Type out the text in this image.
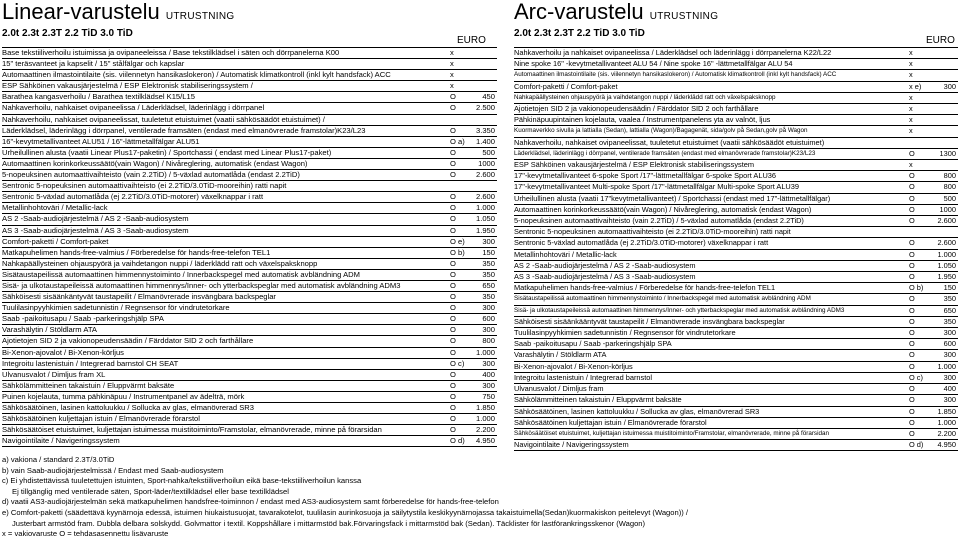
Linear-varustelu UTRUSTNING
2.0t 2.3t 2.3T 2.2 TiD 3.0 TiD
EURO
Base tekstiiliverhoilu istuimissa ja ovipaneeleissa / Base tekstilklädsel i säten och dörrpanelerna K00	x
15" teräsvanteet ja kapselit / 15" stålfälgar och kapslar	x
Automaattinen ilmastointilaite (sis. viilennetyn hansikaslokeron) / Automatisk klimatkontroll (inkl kylt handsfack) ACC	x
ESP Sähköinen vakausjärjestelmä / ESP Elektronisk stabiliseringssystem /	x
Barathea kangasverhoilu / Barathea textilklädsel K15/L15	O	450
Nahkaverhoilu, nahkaiset ovipaneelissa / Läderklädsel, läderinlägg i dörrpanel	O	2.500
Nahkaverhoilu, nahkaiset ovipaneelissat, tuuletetut etuistuimet (vaatii sähkösäädöt etuistuimet) /
Läderklädsel, läderinlägg i dörrpanel, ventilerade framsäten (endast med elmanövrerade framstolar)K23/L23	O	3.350
16"-kevytmetallivanteet ALU51 / 16"-lättmetallfälgar ALU51	O a) 1.400
Urheilullinen alusta (vaatii Linear Plus17-paketin) / Sportchassi ( endast med Linear Plus17-paket)	O	500
Automaattinen korinkorkeussäätö(vain Wagon) / Nivåreglering, automatisk (endast Wagon)	O	1000
5-nopeuksinen automaattivaihteisto (vain 2.2TiD) / 5-växlad automatlåda (endast 2.2TiD)	O	2.600
Sentronic 5-nopeuksinen automaattivaihteisto (ei 2.2TiD/3.0TiD-mooreihin) ratti napit
Sentronic 5-växlad automatlåda (ej 2.2TiD/3.0TiD-motorer) växelknappar i ratt	O	2.600
Metallinhohtoväri / Metallic-lack	O	1.000
AS 2 -Saab-audiojärjestelmä / AS 2 -Saab-audiosystem	O	1.050
AS 3 -Saab-audiojärjestelmä / AS 3 -Saab-audiosystem	O	1.950
Comfort-paketti / Comfort-paket	O e) 300
Matkapuhelimen hands-free-valmius / Förberedelse för hands-free-telefon TEL1	O b) 150
Nahkapäällysteinen ohjauspyörä ja vaihdetangon nuppi / läderklädd ratt och växelspaksknopp	O	350
Sisätaustapeilissä automaattinen himmennystoiminto / Innerbackspegel med automatisk avbländning ADM	O	350
Sisä- ja ulkotaustapeileissä automaattinen himmennys/Inner- och ytterbackspeglar med automatisk avbländning ADM3	O	650
Sähköisesti sisäänkäntyvät taustapeilit / Elmanövrerade insvängbara backspeglar	O	350
Tuulilasinpyyhkimien sadetunnistin / Regnsensor för vindrutetorkare	O	300
Saab -paikoitusapu / Saab -parkeringshjälp SPA	O	600
Varashälytin / Stöldlarm ATA	O	300
Ajotietojen SID 2 ja vakionopeudensäädin / Färddator SID 2 och farthållare	O	800
Bi-Xenon-ajovalot / Bi-Xenon-körljus	O	1.000
Integroitu lastenistuin / Integrerad barnstol CH SEAT	O c) 300
Ulvanusvalot / Dimljus fram XL	O	400
Sähkölämmitteinen takaistuin / Eluppvärmt baksäte	O	300
Puinen kojelauta, tumma pähkinäpuu / Instrumentpanel av ädelträ, mörk	O	750
Sähkösäätöinen, lasinen kattoluukku / Sollucka av glas, elmanövrerad SR3	O	1.850
Sähkösäätöinen kuljettajan istuin / Elmanövrerade förarstol	O	1.000
Sähkösäätöiset etuistuimet, kuljettajan istuimessa muistitoiminto/Framstolar, elmanövrerade, minne på förarsidan	O	2.200
Navigointilaite / Navigeringssystem	O d) 4.950
Arc-varustelu UTRUSTNING
2.0t 2.3t 2.3T 2.2 TiD 3.0 TiD
EURO
Nahkaverhoilu ja nahkaiset ovipaneelissa / Läderklädsel och läderinlägg i dörrpanelerna K22/L22	x
Nine spoke 16" -kevytmetallivanteet ALU 54 / Nine spoke 16" -lättmetallfälgar ALU 54	x
Automaattinen ilmastointilaite (sis. viilennetyn hansikaslokeron) / Automatisk klimatkontroll (inkl kylt handsfack) ACC	x
Comfort-paketti / Comfort-paket	x e)	300
Nahkapäällysteinen ohjauspyörä ja vaihdetangon nuppi / läderklädd ratt och växelspaksknopp	x
Ajotietojen SID 2 ja vakionopeudensäädin / Färddator SID 2 och farthållare	x
Pähkinäpuupintainen kojelauta, vaalea / Instrumentpanelens yta av valnöt, ljus	x
Kuormaverkko sivulla ja lattialla (Sedan), lattialla (Wagon)/Bagagenät, sida/golv på Sedan,golv på Wagon	x
Nahkaverhoilu, nahkaiset ovipaneelissat, tuuletetut etuistuimet (vaatii sähkösäädöt etuistuimet)
Läderklädsel, läderinlägg i dörrpanel, ventilerade framsäten (endast med elmanövrerade framstolar)K23/L23	O	1300
ESP Sähköinen vakausjärjestelmä / ESP Elektronisk stabiliseringssystem	x
17"-kevytmetallivanteet 6-spoke Sport /17"-lättmetallfälgar 6-spoke Sport ALU36	O	800
17"-kevytmetallivanteet Multi-spoke Sport /17"-lättmetallfälgar Multi-spoke Sport ALU39	O	800
Urheilullinen alusta (vaatii 17"kevytmetallivanteet) / Sportchassi (endast med 17"-lättmetallfälgar)	O	500
Automaattinen korinkorkeussäätö(vain Wagon) / Nivåreglering, automatisk (endast Wagon)	O	1000
5-nopeuksinen automaattivaihteisto (vain 2.2TiD) / 5-växlad automatlåda (endast 2.2TiD)	O	2.600
Sentronic 5-nopeuksinen automaattivaihteisto (ei 2.2TiD/3.0TiD-mooreihin) ratti napit
Sentronic 5-växlad automatlåda (ej 2.2TiD/3.0TiD-motorer) växelknappar i ratt	O	2.600
Metallinhohtoväri / Metallic-lack	O	1.000
AS 2 -Saab-audiojärjestelmä / AS 2 -Saab-audiosystem	O	1.050
AS 3 -Saab-audiojärjestelmä / AS 3 -Saab-audiosystem	O	1.950
Matkapuhelimen hands-free-valmius / Förberedelse för hands-free-telefon TEL1	O b)	150
Sisätaustapeilissä automaattinen himmennystoiminto / Innerbackspegel med automatisk avbländning ADM	O	350
Sisä- ja ulkotaustapeileissä automaattinen himmennys/Inner- och ytterbackspeglar med automatisk avbländning ADM3	O	650
Sähköisesti sisäänkääntyvät taustapeilit / Elmanövrerade insvängbara backspeglar	O	350
Tuulilasinpyyhkimien sadetunnistin / Regnsensor för vindrutetorkare	O	300
Saab -paikoitusapu / Saab -parkeringshjälp SPA	O	600
Varashälytin / Stöldlarm ATA	O	300
Bi-Xenon-ajovalot / Bi-Xenon-körljus	O	1.000
Integroitu lastenistuin / Integrerad barnstol	O c)	300
Ulvanusvalot / Dimljus fram	O	400
Sähkölämmitteinen takaistuin / Eluppvärmt baksäte	O	300
Sähkösäätöinen, lasinen kattoluukku / Sollucka av glas, elmanövrerad SR3	O	1.850
Sähkösäätöinen kuljettajan istuin / Elmanövrerade förarstol	O	1.000
Sähkösäätöiset etuistuimet, kuljettajan istuimessa muistitoiminto/Framstolar, elmanövrerade, minne på förarsidan	O	2.200
Navigointilaite / Navigeringssystem	O d) 4.950
a) vakiona / standard 2.3T/3.0TiD
b) vain Saab-audiojärjestelmissä / Endast med Saab-audiosystem
c) Ei yhdistettävissä tuuletettujen istuinten, Sport-nahka/tekstiiliverhoilun eikä base-tekstiiliverhoilun kanssa
Ej tillgänglig med ventilerade säten, Sport-läder/textilklädsel eller base textilklädsel
d) vaatii AS3-audiojärjestelmän sekä matkapuhelimen handsfree-toiminnon / endast med AS3-audiosystem samt förberedelse för hands-free-telefon
e) Comfort-paketti (säädettävä kyynärnoja edessä, istuimen hiukaistusuojat, tavarakotelot, tuulilasin aurinkosuoja ja säilytystila keskikyynärnojassa takaistuimella(Sedan)kuormakiskon peitelevyt (Wagon)) /
Justerbart armstöd fram. Dubbla delbara solskydd. Golvmattor i textil. Koppshållare i mittarmstöd bak.Förvaringsfack i mittarmstöd bak (Sedan). Täcklister för lastförankringsskenor (Wagon)
x = vakiovaruste O = tehdasasennettu lisävaruste
